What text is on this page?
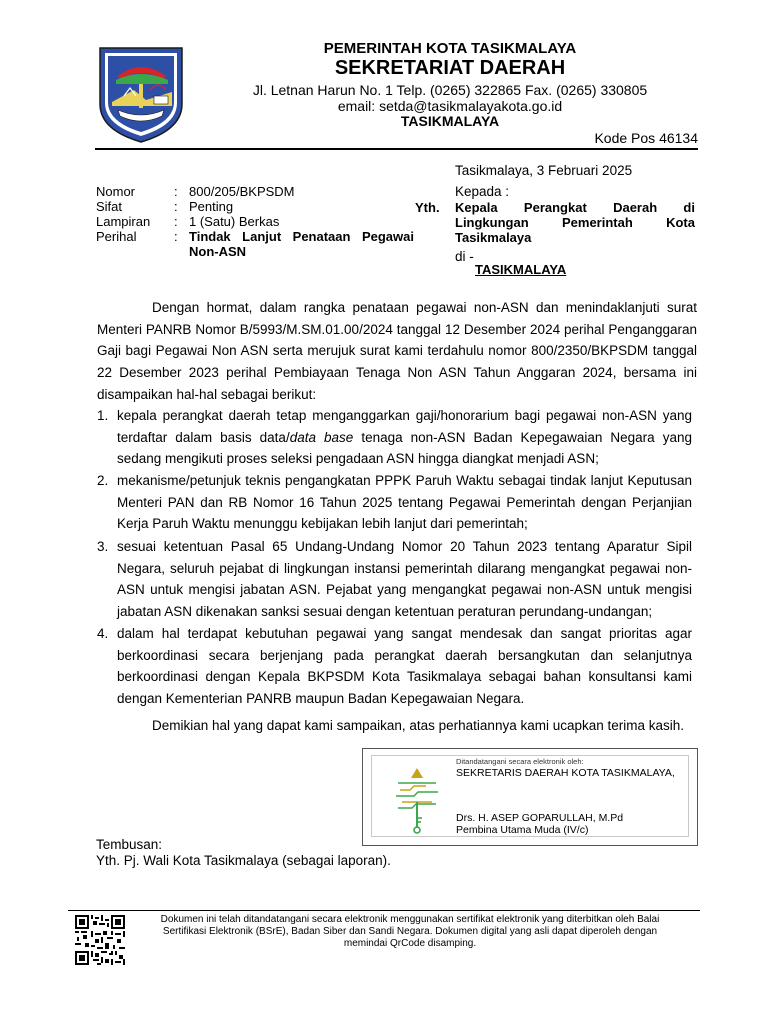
PEMERINTAH KOTA TASIKMALAYA
SEKRETARIAT DAERAH
Jl. Letnan Harun No. 1 Telp. (0265) 322865 Fax. (0265) 330805
email: setda@tasikmalayakota.go.id
TASIKMALAYA
Kode Pos 46134
Tasikmalaya, 3 Februari 2025
Nomor
Sifat
Lampiran
Perihal
:
:
:
:
800/205/BKPSDM
Penting
1 (Satu) Berkas
Tindak Lanjut Penataan Pegawai Non-ASN
Kepada :
Yth. Kepala Perangkat Daerah di Lingkungan Pemerintah Kota Tasikmalaya
di -
TASIKMALAYA
Dengan hormat, dalam rangka penataan pegawai non-ASN dan menindaklanjuti surat Menteri PANRB Nomor B/5993/M.SM.01.00/2024 tanggal 12 Desember 2024 perihal Penganggaran Gaji bagi Pegawai Non ASN serta merujuk surat kami terdahulu nomor 800/2350/BKPSDM tanggal 22 Desember 2023 perihal Pembiayaan Tenaga Non ASN Tahun Anggaran 2024, bersama ini disampaikan hal-hal sebagai berikut:
1. kepala perangkat daerah tetap menganggarkan gaji/honorarium bagi pegawai non-ASN yang terdaftar dalam basis data/data base tenaga non-ASN Badan Kepegawaian Negara yang sedang mengikuti proses seleksi pengadaan ASN hingga diangkat menjadi ASN;
2. mekanisme/petunjuk teknis pengangkatan PPPK Paruh Waktu sebagai tindak lanjut Keputusan Menteri PAN dan RB Nomor 16 Tahun 2025 tentang Pegawai Pemerintah dengan Perjanjian Kerja Paruh Waktu menunggu kebijakan lebih lanjut dari pemerintah;
3. sesuai ketentuan Pasal 65 Undang-Undang Nomor 20 Tahun 2023 tentang Aparatur Sipil Negara, seluruh pejabat di lingkungan instansi pemerintah dilarang mengangkat pegawai non-ASN untuk mengisi jabatan ASN. Pejabat yang mengangkat pegawai non-ASN untuk mengisi jabatan ASN dikenakan sanksi sesuai dengan ketentuan peraturan perundang-undangan;
4. dalam hal terdapat kebutuhan pegawai yang sangat mendesak dan sangat prioritas agar berkoordinasi secara berjenjang pada perangkat daerah bersangkutan dan selanjutnya berkoordinasi dengan Kepala BKPSDM Kota Tasikmalaya sebagai bahan konsultansi kami dengan Kementerian PANRB maupun Badan Kepegawaian Negara.
Demikian hal yang dapat kami sampaikan, atas perhatiannya kami ucapkan terima kasih.
Ditandatangani secara elektronik oleh:
SEKRETARIS DAERAH KOTA TASIKMALAYA,
Drs. H. ASEP GOPARULLAH, M.Pd
Pembina Utama Muda (IV/c)
Tembusan:
Yth. Pj. Wali Kota Tasikmalaya (sebagai laporan).
Dokumen ini telah ditandatangani secara elektronik menggunakan sertifikat elektronik yang diterbitkan oleh Balai Sertifikasi Elektronik (BSrE), Badan Siber dan Sandi Negara. Dokumen digital yang asli dapat diperoleh dengan memindai QrCode disamping.
